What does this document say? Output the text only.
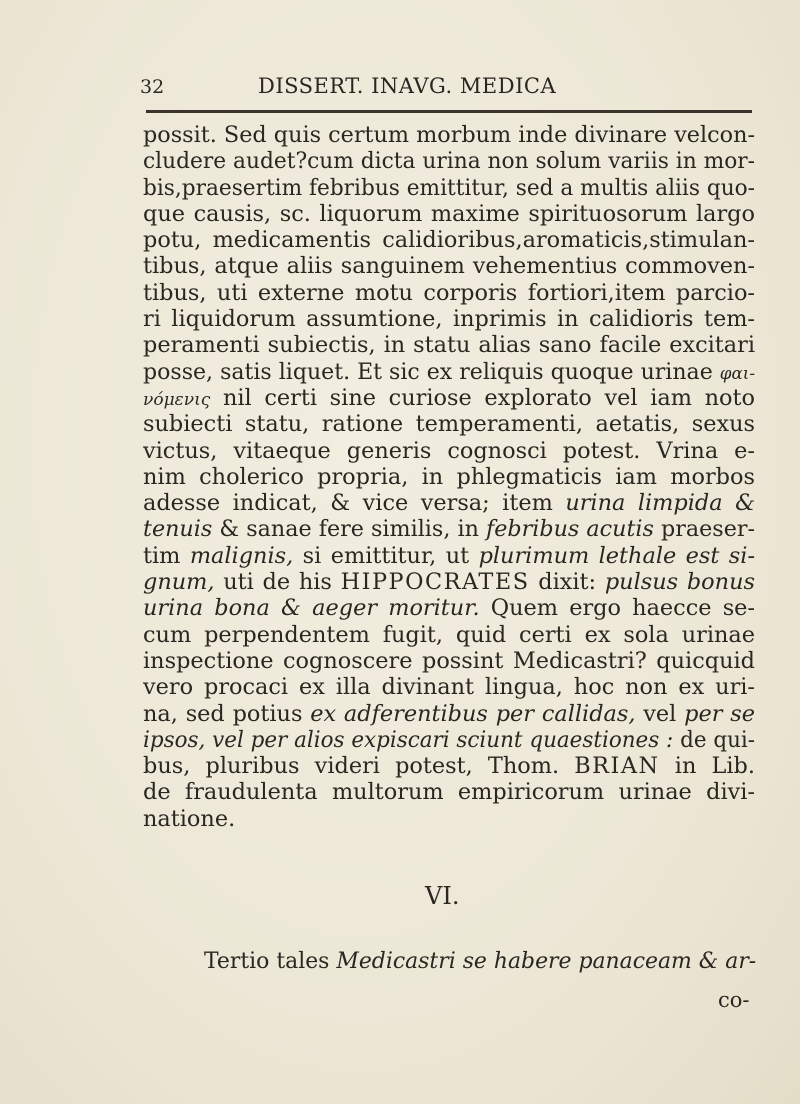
32	DISSERT. INAVG. MEDICA
possit. Sed quis certum morbum inde divinare velcon-
cludere audet?cum dicta urina non solum variis in mor-
bis,praesertim febribus emittitur, sed a multis aliis quo-
que causis, sc. liquorum maxime spirituosorum largo
potu, medicamentis calidioribus,aromaticis,stimulan-
tibus, atque aliis sanguinem vehementius commoven-
tibus, uti externe motu corporis fortiori,item parcio-
ri liquidorum assumtione, inprimis in calidioris tem-
peramenti subiectis, in statu alias sano facile excitari
posse, satis liquet. Et sic ex reliquis quoque urinae φαι-
νόμενις nil certi sine curiose explorato vel iam noto
subiecti statu, ratione temperamenti, aetatis, sexus
victus, vitaeque generis cognosci potest. Vrina e-
nim cholerico propria, in phlegmaticis iam morbos
adesse indicat, & vice versa; item urina limpida &
tenuis & sanae fere similis, in febribus acutis praeser-
tim malignis, si emittitur, ut plurimum lethale est si-
gnum, uti de his HIPPOCRATES dixit: pulsus bonus
urina bona & aeger moritur. Quem ergo haecce se-
cum perpendentem fugit, quid certi ex sola urinae
inspectione cognoscere possint Medicastri? quicquid
vero procaci ex illa divinant lingua, hoc non ex uri-
na, sed potius ex adferentibus per callidas, vel per se
ipsos, vel per alios expiscari sciunt quaestiones : de qui-
bus, pluribus videri potest, Thom. BRIAN in Lib.
de fraudulenta multorum empiricorum urinae divi-
natione.
VI.
Tertio tales Medicastri se habere panaceam & ar-
co-
